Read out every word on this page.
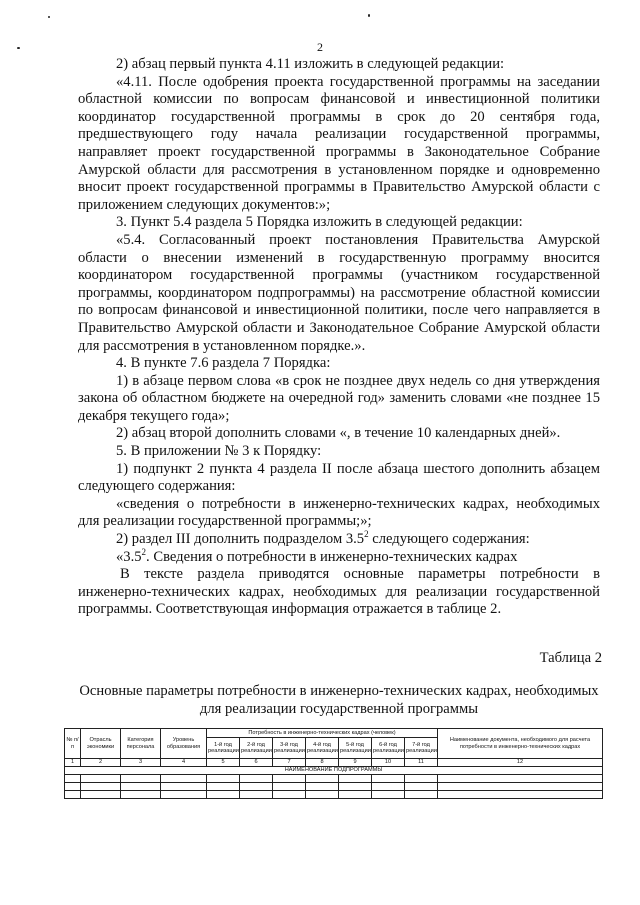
2

2) абзац первый пункта 4.11 изложить в следующей редакции:

«4.11. После одобрения проекта государственной программы на заседании областной комиссии по вопросам финансовой и инвестиционной политики координатор государственной программы в срок до 20 сентября года, предшествующего году начала реализации государственной программы, направляет проект государственной программы в Законодательное Собрание Амурской области для рассмотрения в установленном порядке и одновременно вносит проект государственной программы в Правительство Амурской области с приложением следующих документов:»;

3. Пункт 5.4 раздела 5 Порядка изложить в следующей редакции:

«5.4. Согласованный проект постановления Правительства Амурской области о внесении изменений в государственную программу вносится координатором государственной программы (участником государственной программы, координатором подпрограммы) на рассмотрение областной комиссии по вопросам финансовой и инвестиционной политики, после чего направляется в Правительство Амурской области и Законодательное Собрание Амурской области для рассмотрения в установленном порядке.».

4. В пункте 7.6 раздела 7 Порядка:

1) в абзаце первом слова «в срок не позднее двух недель со дня утверждения закона об областном бюджете на очередной год» заменить словами «не позднее 15 декабря текущего года»;

2) абзац второй дополнить словами «, в течение 10 календарных дней».

5. В приложении № 3 к Порядку:

1) подпункт 2 пункта 4 раздела II после абзаца шестого дополнить абзацем следующего содержания:

«сведения о потребности в инженерно-технических кадрах, необходимых для реализации государственной программы;»;

2) раздел III дополнить подразделом $3.5^2$ следующего содержания:

«$3.5^2$. Сведения о потребности в инженерно-технических кадрах

В тексте раздела приводятся основные параметры потребности в инженерно-технических кадрах, необходимых для реализации государственной программы. Соответствующая информация отражается в таблице 2.

Таблица 2
Основные параметры потребности в инженерно-технических кадрах, необходимых для реализации государственной программы
№ п/п	Отрасль экономики	Категория персонала	Уровень образования	Потребность в инженерно-технических кадрах (человек)							Наименование документа, необходимого для расчета потребности в инженерно-технических кадрах
				1-й год реализации	2-й год реализации	3-й год реализации	4-й год реализации	5-й год реализации	6-й год реализации	7-й год реализации	
1	2	3	4	5	6	7	8	9	10	11	12
НАИМЕНОВАНИЕ ПОДПРОГРАММЫ											
